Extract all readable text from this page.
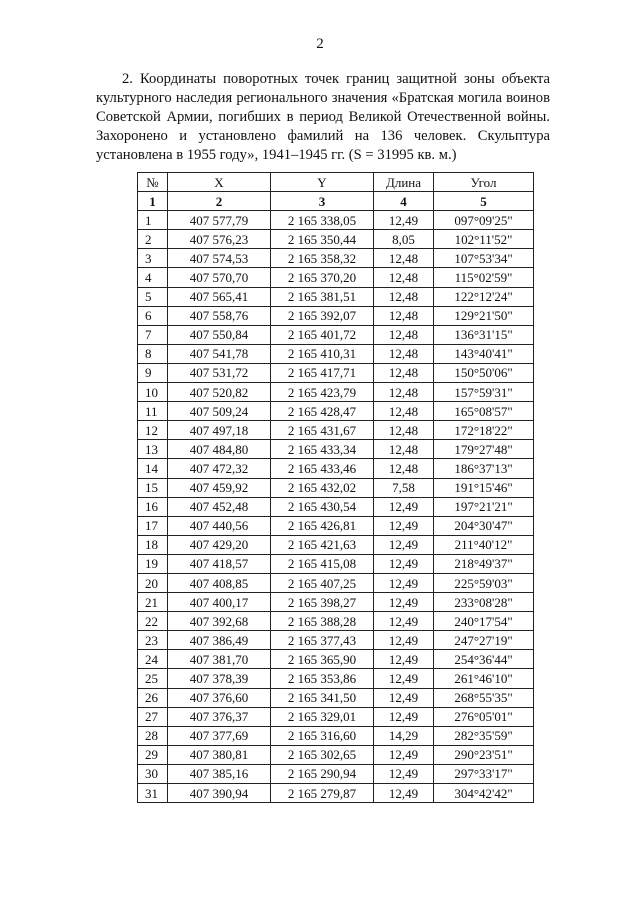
2

2. Координаты поворотных точек границ защитной зоны объекта культурного наследия регионального значения «Братская могила воинов Советской Армии, погибших в период Великой Отечественной войны. Захоронено и установлено фамилий на 136 человек. Скульптура установлена в 1955 году», 1941–1945 гг. (S = 31995 кв. м.)

№	X	Y	Длина	Угол
1	2	3	4	5
1	407 577,79	2 165 338,05	12,49	097°09'25"
2	407 576,23	2 165 350,44	8,05	102°11'52"
3	407 574,53	2 165 358,32	12,48	107°53'34"
4	407 570,70	2 165 370,20	12,48	115°02'59"
5	407 565,41	2 165 381,51	12,48	122°12'24"
6	407 558,76	2 165 392,07	12,48	129°21'50"
7	407 550,84	2 165 401,72	12,48	136°31'15"
8	407 541,78	2 165 410,31	12,48	143°40'41"
9	407 531,72	2 165 417,71	12,48	150°50'06"
10	407 520,82	2 165 423,79	12,48	157°59'31"
11	407 509,24	2 165 428,47	12,48	165°08'57"
12	407 497,18	2 165 431,67	12,48	172°18'22"
13	407 484,80	2 165 433,34	12,48	179°27'48"
14	407 472,32	2 165 433,46	12,48	186°37'13"
15	407 459,92	2 165 432,02	7,58	191°15'46"
16	407 452,48	2 165 430,54	12,49	197°21'21"
17	407 440,56	2 165 426,81	12,49	204°30'47"
18	407 429,20	2 165 421,63	12,49	211°40'12"
19	407 418,57	2 165 415,08	12,49	218°49'37"
20	407 408,85	2 165 407,25	12,49	225°59'03"
21	407 400,17	2 165 398,27	12,49	233°08'28"
22	407 392,68	2 165 388,28	12,49	240°17'54"
23	407 386,49	2 165 377,43	12,49	247°27'19"
24	407 381,70	2 165 365,90	12,49	254°36'44"
25	407 378,39	2 165 353,86	12,49	261°46'10"
26	407 376,60	2 165 341,50	12,49	268°55'35"
27	407 376,37	2 165 329,01	12,49	276°05'01"
28	407 377,69	2 165 316,60	14,29	282°35'59"
29	407 380,81	2 165 302,65	12,49	290°23'51"
30	407 385,16	2 165 290,94	12,49	297°33'17"
31	407 390,94	2 165 279,87	12,49	304°42'42"
